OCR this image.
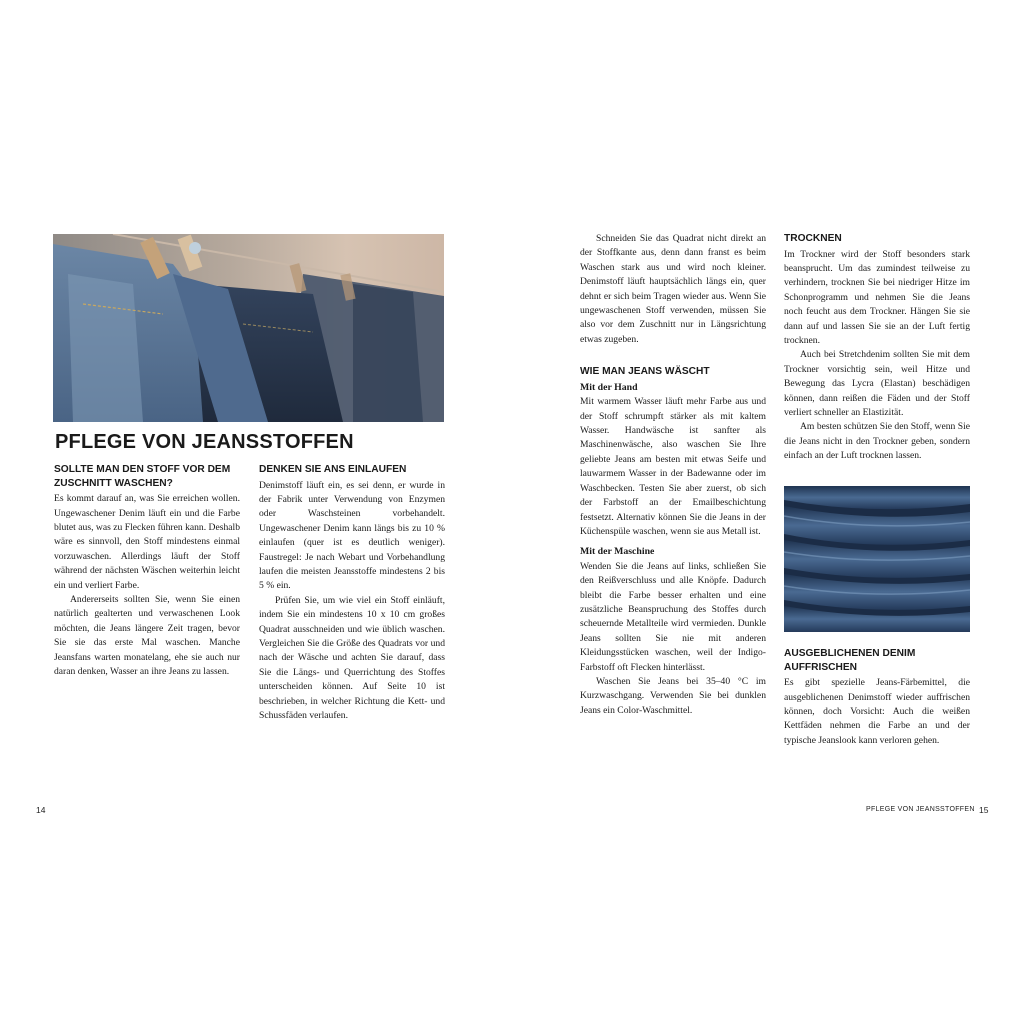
PFLEGE VON JEANSSTOFFEN
SOLLTE MAN DEN STOFF VOR DEM ZUSCHNITT WASCHEN?

Es kommt darauf an, was Sie erreichen wollen. Ungewaschener Denim läuft ein und die Farbe blutet aus, was zu Flecken führen kann. Deshalb wäre es sinnvoll, den Stoff mindestens einmal vorzuwaschen. Allerdings läuft der Stoff während der nächsten Wäschen weiterhin leicht ein und verliert Farbe.

Andererseits sollten Sie, wenn Sie einen natürlich gealterten und verwaschenen Look möchten, die Jeans längere Zeit tragen, bevor Sie sie das erste Mal waschen. Manche Jeansfans warten monatelang, ehe sie auch nur daran denken, Wasser an ihre Jeans zu lassen.

DENKEN SIE ANS EINLAUFEN

Denimstoff läuft ein, es sei denn, er wurde in der Fabrik unter Verwendung von Enzymen oder Waschsteinen vorbehandelt. Ungewaschener Denim kann längs bis zu 10 % einlaufen (quer ist es deutlich weniger). Faustregel: Je nach Webart und Vorbehandlung laufen die meisten Jeansstoffe mindestens 2 bis 5 % ein.

Prüfen Sie, um wie viel ein Stoff einläuft, indem Sie ein mindestens 10 x 10 cm großes Quadrat ausschneiden und wie üblich waschen. Vergleichen Sie die Größe des Quadrats vor und nach der Wäsche und achten Sie darauf, dass Sie die Längs- und Querrichtung des Stoffes unterscheiden können. Auf Seite 10 ist beschrieben, in welcher Richtung die Kett- und Schussfäden verlaufen.

14

Schneiden Sie das Quadrat nicht direkt an der Stoffkante aus, denn dann franst es beim Waschen stark aus und wird noch kleiner. Denimstoff läuft hauptsächlich längs ein, quer dehnt er sich beim Tragen wieder aus. Wenn Sie ungewaschenen Stoff verwenden, müssen Sie also vor dem Zuschnitt nur in Längsrichtung etwas zugeben.

WIE MAN JEANS WÄSCHT
Mit der Hand

Mit warmem Wasser läuft mehr Farbe aus und der Stoff schrumpft stärker als mit kaltem Wasser. Handwäsche ist sanfter als Maschinenwäsche, also waschen Sie Ihre geliebte Jeans am besten mit etwas Seife und lauwarmem Wasser in der Badewanne oder im Waschbecken. Testen Sie aber zuerst, ob sich der Farbstoff an der Emailbeschichtung festsetzt. Alternativ können Sie die Jeans in der Küchenspüle waschen, wenn sie aus Metall ist.

Mit der Maschine

Wenden Sie die Jeans auf links, schließen Sie den Reißverschluss und alle Knöpfe. Dadurch bleibt die Farbe besser erhalten und eine zusätzliche Beanspruchung des Stoffes durch scheuernde Metallteile wird vermieden. Dunkle Jeans sollten Sie nie mit anderen Kleidungsstücken waschen, weil der Indigo-Farbstoff oft Flecken hinterlässt.

Waschen Sie Jeans bei 35–40 °C im Kurzwaschgang. Verwenden Sie bei dunklen Jeans ein Color-Waschmittel.

TROCKNEN

Im Trockner wird der Stoff besonders stark beansprucht. Um das zumindest teilweise zu verhindern, trocknen Sie bei niedriger Hitze im Schonprogramm und nehmen Sie die Jeans noch feucht aus dem Trockner. Hängen Sie sie dann auf und lassen Sie sie an der Luft fertig trocknen.

Auch bei Stretchdenim sollten Sie mit dem Trockner vorsichtig sein, weil Hitze und Bewegung das Lycra (Elastan) beschädigen können, dann reißen die Fäden und der Stoff verliert schneller an Elastizität.

Am besten schützen Sie den Stoff, wenn Sie die Jeans nicht in den Trockner geben, sondern einfach an der Luft trocknen lassen.

AUSGEBLICHENEN DENIM AUFFRISCHEN

Es gibt spezielle Jeans-Färbemittel, die ausgeblichenen Denimstoff wieder auffrischen können, doch Vorsicht: Auch die weißen Kettfäden nehmen die Farbe an und der typische Jeanslook kann verloren gehen.

PFLEGE VON JEANSSTOFFEN 15
